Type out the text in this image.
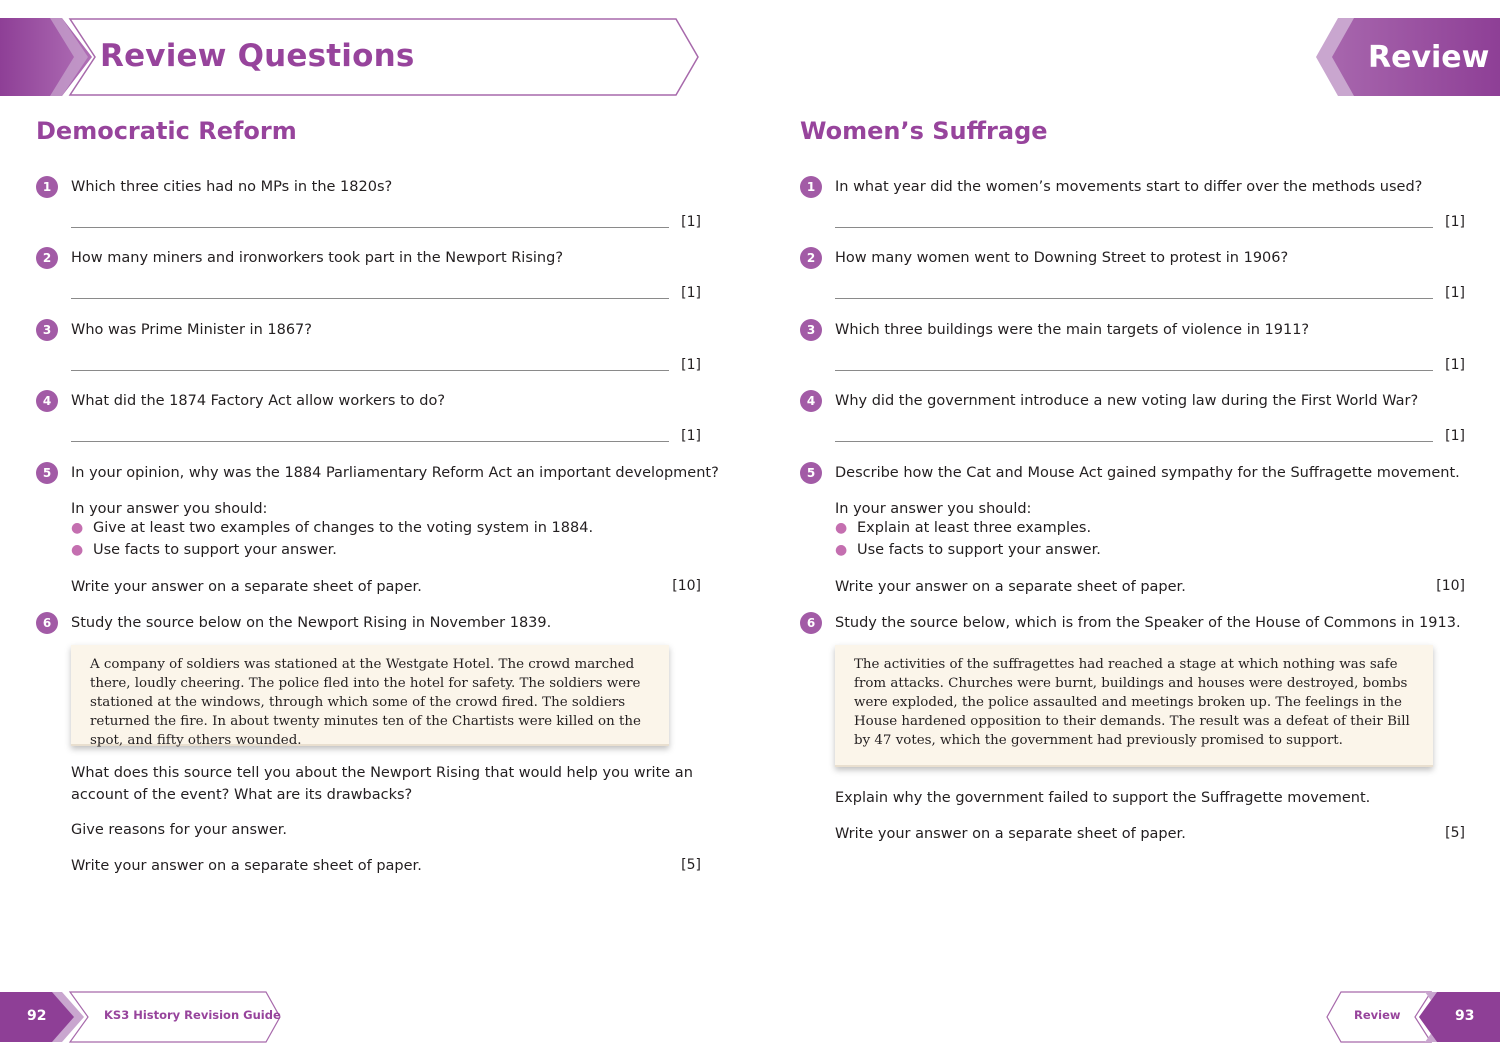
Review Questions	Review
Democratic Reform
1	Which three cities had no MPs in the 1820s?
[1]
2	How many miners and ironworkers took part in the Newport Rising?
[1]
3	Who was Prime Minister in 1867?
[1]
4	What did the 1874 Factory Act allow workers to do?
[1]
5	In your opinion, why was the 1884 Parliamentary Reform Act an important development?
In your answer you should:
● Give at least two examples of changes to the voting system in 1884.
● Use facts to support your answer.
Write your answer on a separate sheet of paper.	[10]
6	Study the source below on the Newport Rising in November 1839.
A company of soldiers was stationed at the Westgate Hotel. The crowd marched there, loudly cheering. The police fled into the hotel for safety. The soldiers were stationed at the windows, through which some of the crowd fired. The soldiers returned the fire. In about twenty minutes ten of the Chartists were killed on the spot, and fifty others wounded.
What does this source tell you about the Newport Rising that would help you write an account of the event? What are its drawbacks?
Give reasons for your answer.
Write your answer on a separate sheet of paper.	[5]
Women’s Suffrage
1	In what year did the women’s movements start to differ over the methods used?
[1]
2	How many women went to Downing Street to protest in 1906?
[1]
3	Which three buildings were the main targets of violence in 1911?
[1]
4	Why did the government introduce a new voting law during the First World War?
[1]
5	Describe how the Cat and Mouse Act gained sympathy for the Suffragette movement.
In your answer you should:
● Explain at least three examples.
● Use facts to support your answer.
Write your answer on a separate sheet of paper.	[10]
6	Study the source below, which is from the Speaker of the House of Commons in 1913.
The activities of the suffragettes had reached a stage at which nothing was safe from attacks. Churches were burnt, buildings and houses were destroyed, bombs were exploded, the police assaulted and meetings broken up. The feelings in the House hardened opposition to their demands. The result was a defeat of their Bill by 47 votes, which the government had previously promised to support.
Explain why the government failed to support the Suffragette movement.
Write your answer on a separate sheet of paper.	[5]
92	KS3 History Revision Guide	Review	93
